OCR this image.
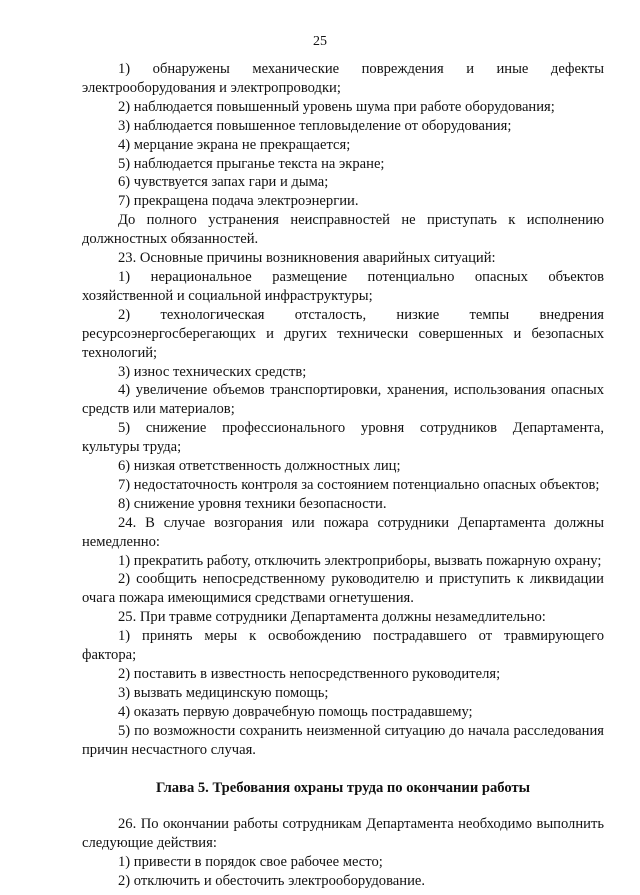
25

1) обнаружены механические повреждения и иные дефекты электрооборудования и электропроводки;

2) наблюдается повышенный уровень шума при работе оборудования;

3) наблюдается повышенное тепловыделение от оборудования;

4) мерцание экрана не прекращается;

5) наблюдается прыганье текста на экране;

6) чувствуется запах гари и дыма;

7) прекращена подача электроэнергии.

До полного устранения неисправностей не приступать к исполнению должностных обязанностей.

23. Основные причины возникновения аварийных ситуаций:

1) нерациональное размещение потенциально опасных объектов хозяйственной и социальной инфраструктуры;

2) технологическая отсталость, низкие темпы внедрения ресурсоэнергосберегающих и других технически совершенных и безопасных технологий;

3) износ технических средств;

4) увеличение объемов транспортировки, хранения, использования опасных средств или материалов;

5) снижение профессионального уровня сотрудников Департамента, культуры труда;

6) низкая ответственность должностных лиц;

7) недостаточность контроля за состоянием потенциально опасных объектов;

8) снижение уровня техники безопасности.

24. В случае возгорания или пожара сотрудники Департамента должны немедленно:

1) прекратить работу, отключить электроприборы, вызвать пожарную охрану;

2) сообщить непосредственному руководителю и приступить к ликвидации очага пожара имеющимися средствами огнетушения.

25. При травме сотрудники Департамента должны незамедлительно:

1) принять меры к освобождению пострадавшего от травмирующего фактора;

2) поставить в известность непосредственного руководителя;

3) вызвать медицинскую помощь;

4) оказать первую доврачебную помощь пострадавшему;

5) по возможности сохранить неизменной ситуацию до начала расследования причин несчастного случая.

Глава 5. Требования охраны труда по окончании работы

26. По окончании работы сотрудникам Департамента необходимо выполнить следующие действия:

1) привести в порядок свое рабочее место;

2) отключить и обесточить электрооборудование.
